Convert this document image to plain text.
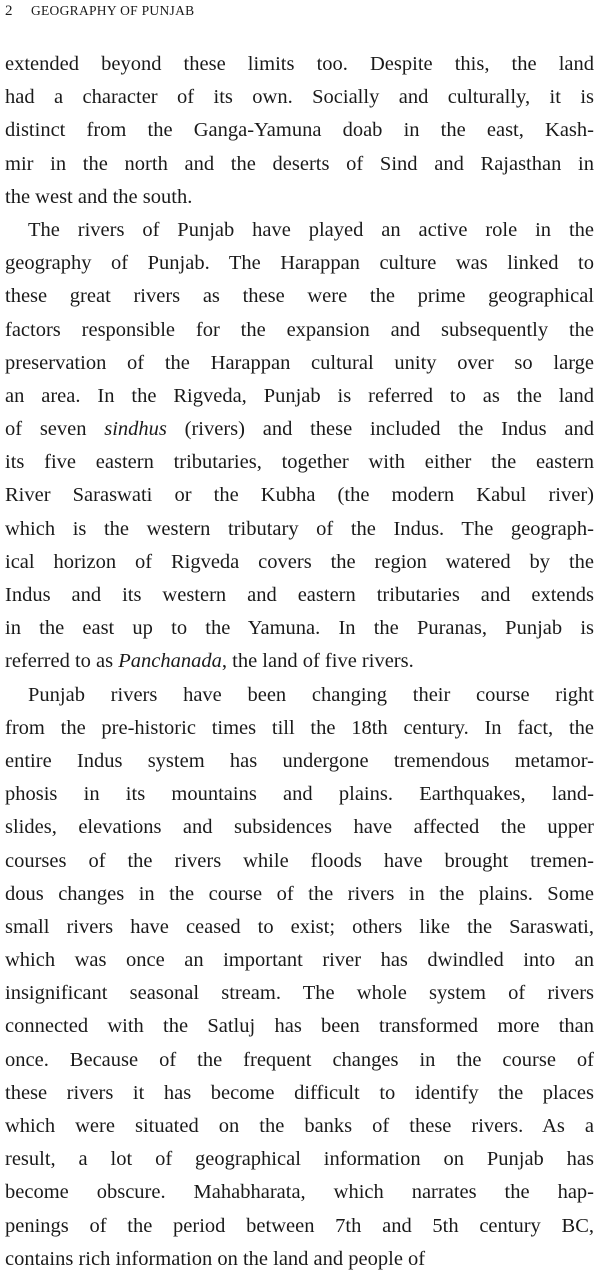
2 GEOGRAPHY OF PUNJAB
extended beyond these limits too. Despite this, the land
had a character of its own. Socially and culturally, it is
distinct from the Ganga-Yamuna doab in the east, Kash-
mir in the north and the deserts of Sind and Rajasthan in
the west and the south.
The rivers of Punjab have played an active role in the
geography of Punjab. The Harappan culture was linked to
these great rivers as these were the prime geographical
factors responsible for the expansion and subsequently the
preservation of the Harappan cultural unity over so large
an area. In the Rigveda, Punjab is referred to as the land
of seven sindhus (rivers) and these included the Indus and
its five eastern tributaries, together with either the eastern
River Saraswati or the Kubha (the modern Kabul river)
which is the western tributary of the Indus. The geograph-
ical horizon of Rigveda covers the region watered by the
Indus and its western and eastern tributaries and extends
in the east up to the Yamuna. In the Puranas, Punjab is
referred to as Panchanada, the land of five rivers.
Punjab rivers have been changing their course right
from the pre-historic times till the 18th century. In fact, the
entire Indus system has undergone tremendous metamor-
phosis in its mountains and plains. Earthquakes, land-
slides, elevations and subsidences have affected the upper
courses of the rivers while floods have brought tremen-
dous changes in the course of the rivers in the plains. Some
small rivers have ceased to exist; others like the Saraswati,
which was once an important river has dwindled into an
insignificant seasonal stream. The whole system of rivers
connected with the Satluj has been transformed more than
once. Because of the frequent changes in the course of
these rivers it has become difficult to identify the places
which were situated on the banks of these rivers. As a
result, a lot of geographical information on Punjab has
become obscure. Mahabharata, which narrates the hap-
penings of the period between 7th and 5th century BC,
contains rich information on the land and people of
